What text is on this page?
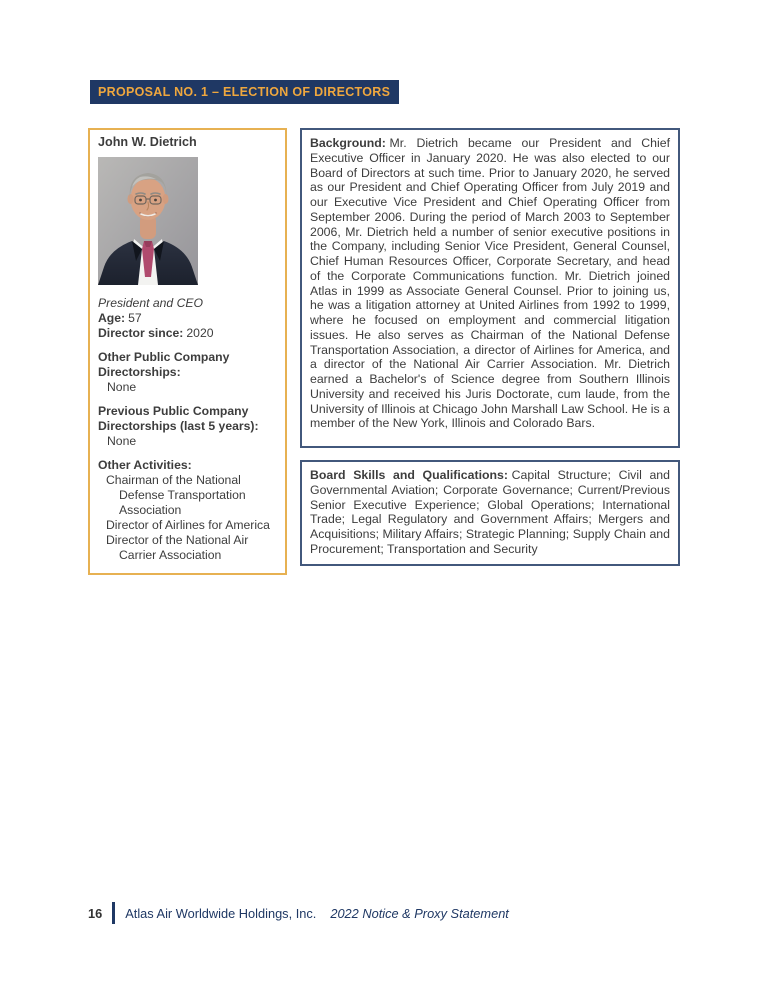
PROPOSAL NO. 1 – ELECTION OF DIRECTORS
John W. Dietrich
President and CEO
Age: 57
Director since: 2020
Other Public Company Directorships:
None
Previous Public Company Directorships (last 5 years):
None
Other Activities:
Chairman of the National Defense Transportation Association
Director of Airlines for America
Director of the National Air Carrier Association
Background: Mr. Dietrich became our President and Chief Executive Officer in January 2020. He was also elected to our Board of Directors at such time. Prior to January 2020, he served as our President and Chief Operating Officer from July 2019 and our Executive Vice President and Chief Operating Officer from September 2006. During the period of March 2003 to September 2006, Mr. Dietrich held a number of senior executive positions in the Company, including Senior Vice President, General Counsel, Chief Human Resources Officer, Corporate Secretary, and head of the Corporate Communications function. Mr. Dietrich joined Atlas in 1999 as Associate General Counsel. Prior to joining us, he was a litigation attorney at United Airlines from 1992 to 1999, where he focused on employment and commercial litigation issues. He also serves as Chairman of the National Defense Transportation Association, a director of Airlines for America, and a director of the National Air Carrier Association. Mr. Dietrich earned a Bachelor's of Science degree from Southern Illinois University and received his Juris Doctorate, cum laude, from the University of Illinois at Chicago John Marshall Law School. He is a member of the New York, Illinois and Colorado Bars.
Board Skills and Qualifications: Capital Structure; Civil and Governmental Aviation; Corporate Governance; Current/Previous Senior Executive Experience; Global Operations; International Trade; Legal Regulatory and Government Affairs; Mergers and Acquisitions; Military Affairs; Strategic Planning; Supply Chain and Procurement; Transportation and Security
16 Atlas Air Worldwide Holdings, Inc. 2022 Notice & Proxy Statement
